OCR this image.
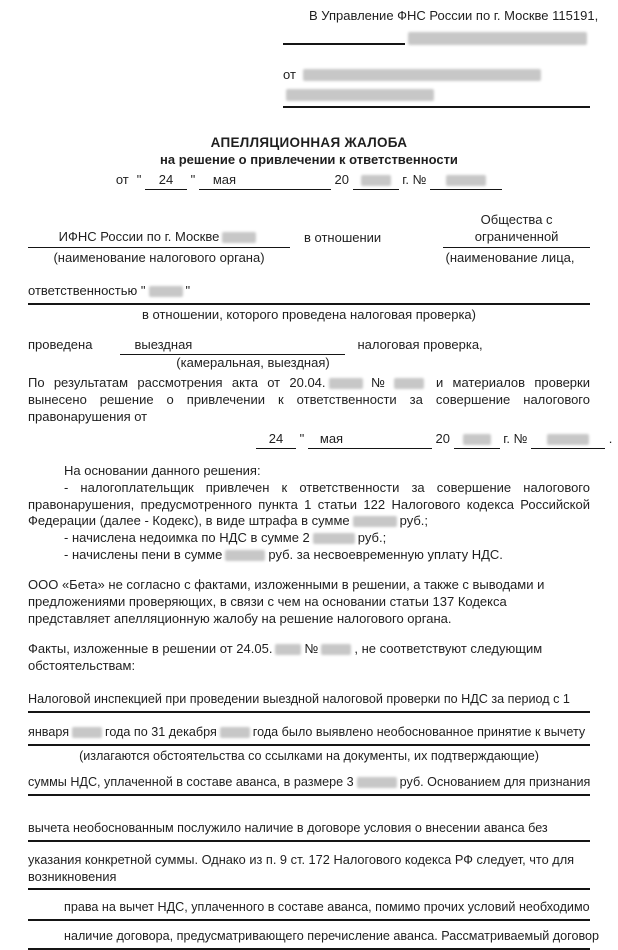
В Управление ФНС России по г. Москве 115191,
от
АПЕЛЛЯЦИОННАЯ ЖАЛОБА
на решение о привлечении к ответственности
от " 24 " мая	20	г. №
ИФНС России по г. Москве	в отношении
Общества с ограниченной
(наименование налогового органа)	(наименование лица,
ответственностью "	"
в отношении, которого проведена налоговая проверка)
проведена	выездная	налоговая проверка,
(камеральная, выездная)

По результатам рассмотрения акта от 20.04.	№	и материалов проверки вынесено решение о привлечении к ответственности за совершение налогового правонарушения от

24 " мая	20	г. №	.

На основании данного решения:

- налогоплательщик привлечен к ответственности за совершение налогового правонарушения, предусмотренного пункта 1 статьи 122 Налогового кодекса Российской Федерации (далее - Кодекс), в виде штрафа в сумме	руб.;

- начислена недоимка по НДС в сумме 2	руб.;

- начислены пени в сумме	руб. за несвоевременную уплату НДС.

ООО «Бета» не согласно с фактами, изложенными в решении, а также с выводами и предложениями проверяющих, в связи с чем на основании статьи 137 Кодекса представляет апелляционную жалобу на решение налогового органа.

Факты, изложенные в решении от 24.05. №	, не соответствуют следующим обстоятельствам:

Налоговой инспекцией при проведении выездной налоговой проверки по НДС за период с 1
января	года по 31 декабря	года было выявлено необоснованное принятие к вычету
(излагаются обстоятельства со ссылками на документы, их подтверждающие)
суммы НДС, уплаченной в составе аванса, в размере 3	руб. Основанием для признания
вычета необоснованным послужило наличие в договоре условия о внесении аванса без
указания конкретной суммы. Однако из п. 9 ст. 172 Налогового кодекса РФ следует, что для возникновения
права на вычет НДС, уплаченного в составе аванса, помимо прочих условий необходимо
наличие договора, предусматривающего перечисление аванса. Рассматриваемый договор
